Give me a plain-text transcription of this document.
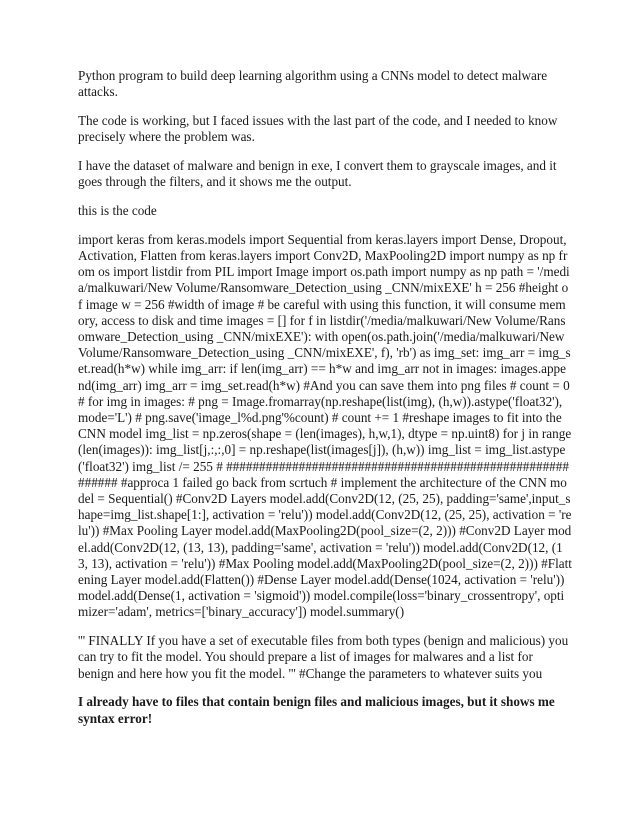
Python program to build deep learning algorithm using a CNNs model to detect malware attacks.

The code is working, but I faced issues with the last part of the code, and I needed to know precisely where the problem was.

I have the dataset of malware and benign in exe, I convert them to grayscale images, and it goes through the filters, and it shows me the output.

this is the code

import keras from keras.models import Sequential from keras.layers import Dense, Dropout, Activation, Flatten from keras.layers import Conv2D, MaxPooling2D import numpy as np from os import listdir from PIL import Image import os.path import numpy as np path = '/media/malkuwari/New Volume/Ransomware_Detection_using _CNN/mixEXE' h = 256 #height of image w = 256 #width of image # be careful with using this function, it will consume memory, access to disk and time images = [] for f in listdir('/media/malkuwari/New Volume/Ransomware_Detection_using _CNN/mixEXE'): with open(os.path.join('/media/malkuwari/New Volume/Ransomware_Detection_using _CNN/mixEXE', f), 'rb') as img_set: img_arr = img_set.read(h*w) while img_arr: if len(img_arr) == h*w and img_arr not in images: images.append(img_arr) img_arr = img_set.read(h*w) #And you can save them into png files # count = 0 # for img in images: # png = Image.fromarray(np.reshape(list(img), (h,w)).astype('float32'), mode='L') # png.save('image_l%d.png'%count) # count += 1 #reshape images to fit into the CNN model img_list = np.zeros(shape = (len(images), h,w,1), dtype = np.uint8) for j in range(len(images)): img_list[j,:,:,0] = np.reshape(list(images[j]), (h,w)) img_list = img_list.astype('float32') img_list /= 255 # ########################################################## #approca 1 failed go back from scrtuch # implement the architecture of the CNN model = Sequential() #Conv2D Layers model.add(Conv2D(12, (25, 25), padding='same',input_shape=img_list.shape[1:], activation = 'relu')) model.add(Conv2D(12, (25, 25), activation = 'relu')) #Max Pooling Layer model.add(MaxPooling2D(pool_size=(2, 2))) #Conv2D Layer model.add(Conv2D(12, (13, 13), padding='same', activation = 'relu')) model.add(Conv2D(12, (13, 13), activation = 'relu')) #Max Pooling model.add(MaxPooling2D(pool_size=(2, 2))) #Flattening Layer model.add(Flatten()) #Dense Layer model.add(Dense(1024, activation = 'relu')) model.add(Dense(1, activation = 'sigmoid')) model.compile(loss='binary_crossentropy', optimizer='adam', metrics=['binary_accuracy']) model.summary()

''' FINALLY If you have a set of executable files from both types (benign and malicious) you can try to fit the model. You should prepare a list of images for malwares and a list for benign and here how you fit the model. ''' #Change the parameters to whatever suits you

I already have to files that contain benign files and malicious images, but it shows me syntax error!
